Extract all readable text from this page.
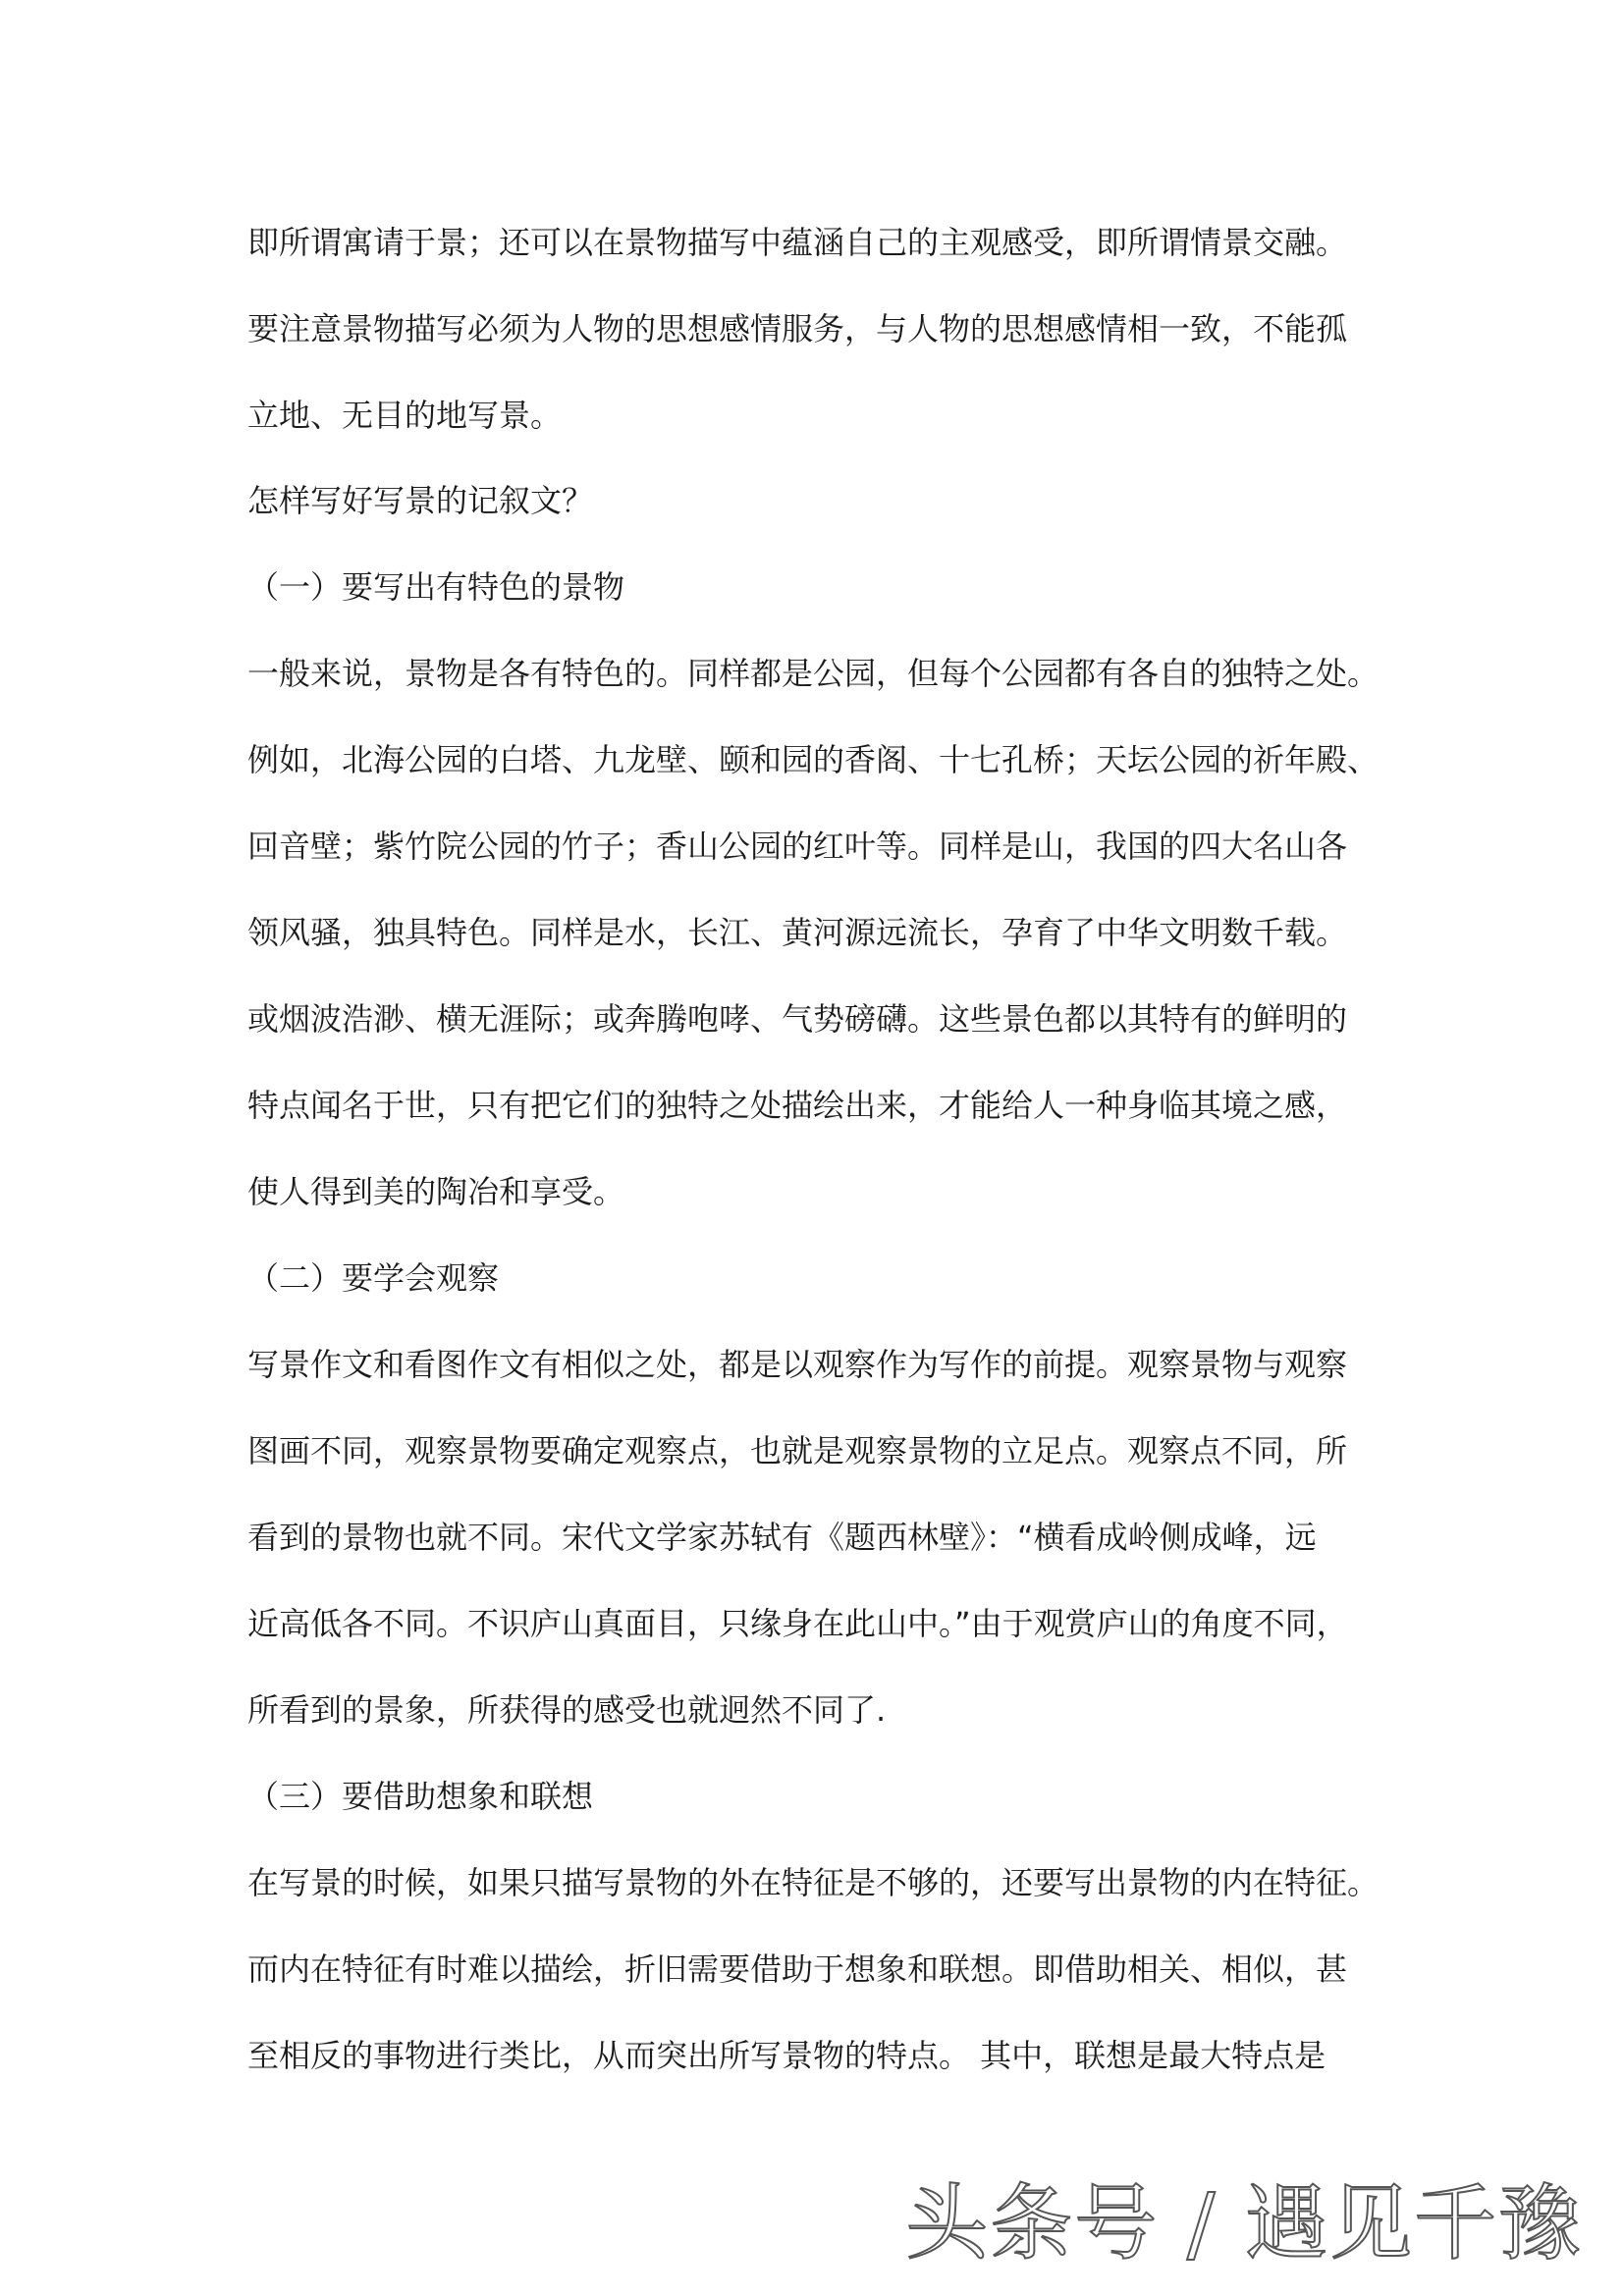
即所谓寓请于景；还可以在景物描写中蕴涵自己的主观感受，即所谓情景交融。
要注意景物描写必须为人物的思想感情服务，与人物的思想感情相一致，不能孤
立地、无目的地写景。
怎样写好写景的记叙文？
（一）要写出有特色的景物
一般来说，景物是各有特色的。同样都是公园，但每个公园都有各自的独特之处。
例如，北海公园的白塔、九龙壁、颐和园的香阁、十七孔桥；天坛公园的祈年殿、
回音壁；紫竹院公园的竹子；香山公园的红叶等。同样是山，我国的四大名山各
领风骚，独具特色。同样是水，长江、黄河源远流长，孕育了中华文明数千载。
或烟波浩渺、横无涯际；或奔腾咆哮、气势磅礴。这些景色都以其特有的鲜明的
特点闻名于世，只有把它们的独特之处描绘出来，才能给人一种身临其境之感，
使人得到美的陶冶和享受。
（二）要学会观察
写景作文和看图作文有相似之处，都是以观察作为写作的前提。观察景物与观察
图画不同，观察景物要确定观察点，也就是观察景物的立足点。观察点不同，所
看到的景物也就不同。宋代文学家苏轼有《题西林壁》：“横看成岭侧成峰，远
近高低各不同。不识庐山真面目，只缘身在此山中。”由于观赏庐山的角度不同，
所看到的景象，所获得的感受也就迥然不同了.
（三）要借助想象和联想
在写景的时候，如果只描写景物的外在特征是不够的，还要写出景物的内在特征。
而内在特征有时难以描绘，折旧需要借助于想象和联想。即借助相关、相似，甚
至相反的事物进行类比，从而突出所写景物的特点。 其中，联想是最大特点是
头条号 / 遇见千豫
